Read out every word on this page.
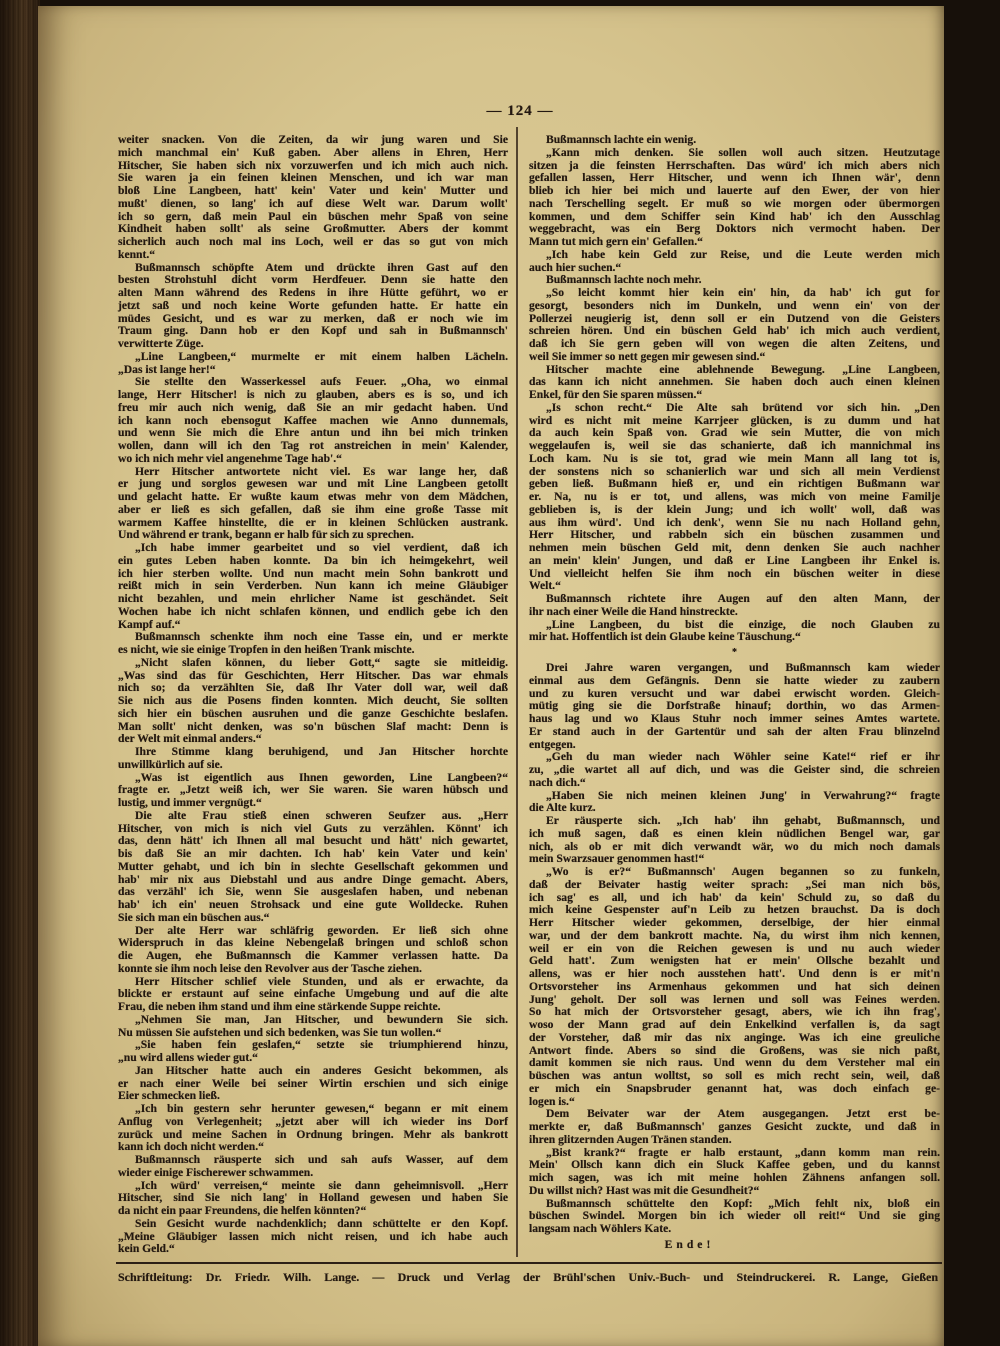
— 124 —
weiter snacken. Von die Zeiten, da wir jung waren und Sie
mich manchmal ein' Kuß gaben. Aber allens in Ehren, Herr
Hitscher, Sie haben sich nix vorzuwerfen und ich mich auch nich.
Sie waren ja ein feinen kleinen Menschen, und ich war man
bloß Line Langbeen, hatt' kein' Vater und kein' Mutter und
mußt' dienen, so lang' ich auf diese Welt war. Darum wollt'
ich so gern, daß mein Paul ein büschen mehr Spaß von seine
Kindheit haben sollt' als seine Großmutter. Abers der kommt
sicherlich auch noch mal ins Loch, weil er das so gut von mich
kennt.“
Bußmannsch schöpfte Atem und drückte ihren Gast auf den
besten Strohstuhl dicht vorm Herdfeuer. Denn sie hatte den
alten Mann während des Redens in ihre Hütte geführt, wo er
jetzt saß und noch keine Worte gefunden hatte. Er hatte ein
müdes Gesicht, und es war zu merken, daß er noch wie im
Traum ging. Dann hob er den Kopf und sah in Bußmannsch'
verwitterte Züge.
„Line Langbeen,“ murmelte er mit einem halben Lächeln.
„Das ist lange her!“
Sie stellte den Wasserkessel aufs Feuer. „Oha, wo einmal
lange, Herr Hitscher! is nich zu glauben, abers es is so, und ich
freu mir auch nich wenig, daß Sie an mir gedacht haben. Und
ich kann noch ebensogut Kaffee machen wie Anno dunnemals,
und wenn Sie mich die Ehre antun und ihn bei mich trinken
wollen, dann will ich den Tag rot anstreichen in mein' Kalender,
wo ich nich mehr viel angenehme Tage hab'.“
Herr Hitscher antwortete nicht viel. Es war lange her, daß
er jung und sorglos gewesen war und mit Line Langbeen getollt
und gelacht hatte. Er wußte kaum etwas mehr von dem Mädchen,
aber er ließ es sich gefallen, daß sie ihm eine große Tasse mit
warmem Kaffee hinstellte, die er in kleinen Schlücken austrank.
Und während er trank, begann er halb für sich zu sprechen.
„Ich habe immer gearbeitet und so viel verdient, daß ich
ein gutes Leben haben konnte. Da bin ich heimgekehrt, weil
ich hier sterben wollte. Und nun macht mein Sohn bankrott und
reißt mich in sein Verderben. Nun kann ich meine Gläubiger
nicht bezahlen, und mein ehrlicher Name ist geschändet. Seit
Wochen habe ich nicht schlafen können, und endlich gebe ich den
Kampf auf.“
Bußmannsch schenkte ihm noch eine Tasse ein, und er merkte
es nicht, wie sie einige Tropfen in den heißen Trank mischte.
„Nicht slafen können, du lieber Gott,“ sagte sie mitleidig.
„Was sind das für Geschichten, Herr Hitscher. Das war ehmals
nich so; da verzählten Sie, daß Ihr Vater doll war, weil daß
Sie nich aus die Posens finden konnten. Mich deucht, Sie sollten
sich hier ein büschen ausruhen und die ganze Geschichte beslafen.
Man sollt' nicht denken, was so'n büschen Slaf macht: Denn is
der Welt mit einmal anders.“
Ihre Stimme klang beruhigend, und Jan Hitscher horchte
unwillkürlich auf sie.
„Was ist eigentlich aus Ihnen geworden, Line Langbeen?“
fragte er. „Jetzt weiß ich, wer Sie waren. Sie waren hübsch und
lustig, und immer vergnügt.“
Die alte Frau stieß einen schweren Seufzer aus. „Herr
Hitscher, von mich is nich viel Guts zu verzählen. Könnt' ich
das, denn hätt' ich Ihnen all mal besucht und hätt' nich gewartet,
bis daß Sie an mir dachten. Ich hab' kein Vater und kein'
Mutter gehabt, und ich bin in slechte Gesellschaft gekommen und
hab' mir nix aus Diebstahl und aus andre Dinge gemacht. Abers,
das verzähl' ich Sie, wenn Sie ausgeslafen haben, und nebenan
hab' ich ein' neuen Strohsack und eine gute Wolldecke. Ruhen
Sie sich man ein büschen aus.“
Der alte Herr war schläfrig geworden. Er ließ sich ohne
Widerspruch in das kleine Nebengelaß bringen und schloß schon
die Augen, ehe Bußmannsch die Kammer verlassen hatte. Da
konnte sie ihm noch leise den Revolver aus der Tasche ziehen.
Herr Hitscher schlief viele Stunden, und als er erwachte, da
blickte er erstaunt auf seine einfache Umgebung und auf die alte
Frau, die neben ihm stand und ihm eine stärkende Suppe reichte.
„Nehmen Sie man, Jan Hitscher, und bewundern Sie sich.
Nu müssen Sie aufstehen und sich bedenken, was Sie tun wollen.“
„Sie haben fein geslafen,“ setzte sie triumphierend hinzu,
„nu wird allens wieder gut.“
Jan Hitscher hatte auch ein anderes Gesicht bekommen, als
er nach einer Weile bei seiner Wirtin erschien und sich einige
Eier schmecken ließ.
„Ich bin gestern sehr herunter gewesen,“ begann er mit einem
Anflug von Verlegenheit; „jetzt aber will ich wieder ins Dorf
zurück und meine Sachen in Ordnung bringen. Mehr als bankrott
kann ich doch nicht werden.“
Bußmannsch räusperte sich und sah aufs Wasser, auf dem
wieder einige Fischerewer schwammen.
„Ich würd' verreisen,“ meinte sie dann geheimnisvoll. „Herr
Hitscher, sind Sie nich lang' in Holland gewesen und haben Sie
da nicht ein paar Freundens, die helfen könnten?“
Sein Gesicht wurde nachdenklich; dann schüttelte er den Kopf.
„Meine Gläubiger lassen mich nicht reisen, und ich habe auch
kein Geld.“
Bußmannsch lachte ein wenig.
„Kann mich denken. Sie sollen woll auch sitzen. Heutzutage
sitzen ja die feinsten Herrschaften. Das würd' ich mich abers nich
gefallen lassen, Herr Hitscher, und wenn ich Ihnen wär', denn
blieb ich hier bei mich und lauerte auf den Ewer, der von hier
nach Terschelling segelt. Er muß so wie morgen oder übermorgen
kommen, und dem Schiffer sein Kind hab' ich den Ausschlag
weggebracht, was ein Berg Doktors nich vermocht haben. Der
Mann tut mich gern ein' Gefallen.“
„Ich habe kein Geld zur Reise, und die Leute werden mich
auch hier suchen.“
Bußmannsch lachte noch mehr.
„So leicht kommt hier kein ein' hin, da hab' ich gut for
gesorgt, besonders nich im Dunkeln, und wenn ein' von der
Pollerzei neugierig ist, denn soll er ein Dutzend von die Geisters
schreien hören. Und ein büschen Geld hab' ich mich auch verdient,
daß ich Sie gern geben will von wegen die alten Zeitens, und
weil Sie immer so nett gegen mir gewesen sind.“
Hitscher machte eine ablehnende Bewegung. „Line Langbeen,
das kann ich nicht annehmen. Sie haben doch auch einen kleinen
Enkel, für den Sie sparen müssen.“
„Is schon recht.“ Die Alte sah brütend vor sich hin. „Den
wird es nicht mit meine Karrjeer glücken, is zu dumm und hat
da auch kein Spaß von. Grad wie sein Mutter, die von mich
weggelaufen is, weil sie das schanierte, daß ich mannichmal ins
Loch kam. Nu is sie tot, grad wie mein Mann all lang tot is,
der sonstens nich so schanierlich war und sich all mein Verdienst
geben ließ. Bußmann hieß er, und ein richtigen Bußmann war
er. Na, nu is er tot, und allens, was mich von meine Familje
geblieben is, is der klein Jung; und ich wollt' woll, daß was
aus ihm würd'. Und ich denk', wenn Sie nu nach Holland gehn,
Herr Hitscher, und rabbeln sich ein büschen zusammen und
nehmen mein büschen Geld mit, denn denken Sie auch nachher
an mein' klein' Jungen, und daß er Line Langbeen ihr Enkel is.
Und vielleicht helfen Sie ihm noch ein büschen weiter in diese
Welt.“
Bußmannsch richtete ihre Augen auf den alten Mann, der
ihr nach einer Weile die Hand hinstreckte.
„Line Langbeen, du bist die einzige, die noch Glauben zu
mir hat. Hoffentlich ist dein Glaube keine Täuschung.“
*
Drei Jahre waren vergangen, und Bußmannsch kam wieder
einmal aus dem Gefängnis. Denn sie hatte wieder zu zaubern
und zu kuren versucht und war dabei erwischt worden. Gleich-
mütig ging sie die Dorfstraße hinauf; dorthin, wo das Armen-
haus lag und wo Klaus Stuhr noch immer seines Amtes wartete.
Er stand auch in der Gartentür und sah der alten Frau blinzelnd
entgegen.
„Geh du man wieder nach Wöhler seine Kate!“ rief er ihr
zu, „die wartet all auf dich, und was die Geister sind, die schreien
nach dich.“
„Haben Sie nich meinen kleinen Jung' in Verwahrung?“ fragte
die Alte kurz.
Er räusperte sich. „Ich hab' ihn gehabt, Bußmannsch, und
ich muß sagen, daß es einen klein nüdlichen Bengel war, gar
nich, als ob er mit dich verwandt wär, wo du mich noch damals
mein Swarzsauer genommen hast!“
„Wo is er?“ Bußmannsch' Augen begannen so zu funkeln,
daß der Beivater hastig weiter sprach: „Sei man nich bös,
ich sag' es all, und ich hab' da kein' Schuld zu, so daß du
mich keine Gespenster auf'n Leib zu hetzen brauchst. Da is doch
Herr Hitscher wieder gekommen, derselbige, der hier einmal
war, und der dem bankrott machte. Na, du wirst ihm nich kennen,
weil er ein von die Reichen gewesen is und nu auch wieder
Geld hatt'. Zum wenigsten hat er mein' Ollsche bezahlt und
allens, was er hier noch ausstehen hatt'. Und denn is er mit'n
Ortsvorsteher ins Armenhaus gekommen und hat sich deinen
Jung' geholt. Der soll was lernen und soll was Feines werden.
So hat mich der Ortsvorsteher gesagt, abers, wie ich ihn frag',
woso der Mann grad auf dein Enkelkind verfallen is, da sagt
der Vorsteher, daß mir das nix anginge. Was ich eine greuliche
Antwort finde. Abers so sind die Großens, was sie nich paßt,
damit kommen sie nich raus. Und wenn du dem Versteher mal ein
büschen was antun wolltst, so soll es mich recht sein, weil, daß
er mich ein Snapsbruder genannt hat, was doch einfach ge-
logen is.“
Dem Beivater war der Atem ausgegangen. Jetzt erst be-
merkte er, daß Bußmannsch' ganzes Gesicht zuckte, und daß in
ihren glitzernden Augen Tränen standen.
„Bist krank?“ fragte er halb erstaunt, „dann komm man rein.
Mein' Ollsch kann dich ein Sluck Kaffee geben, und du kannst
mich sagen, was ich mit meine hohlen Zähnens anfangen soll.
Du willst nich? Hast was mit die Gesundheit?“
Bußmannsch schüttelte den Kopf: „Mich fehlt nix, bloß ein
büschen Swindel. Morgen bin ich wieder oll reit!“ Und sie ging
langsam nach Wöhlers Kate.
Ende!
Schriftleitung: Dr. Friedr. Wilh. Lange. — Druck und Verlag der Brühl'schen Univ.-Buch- und Steindruckerei. R. Lange, Gießen
